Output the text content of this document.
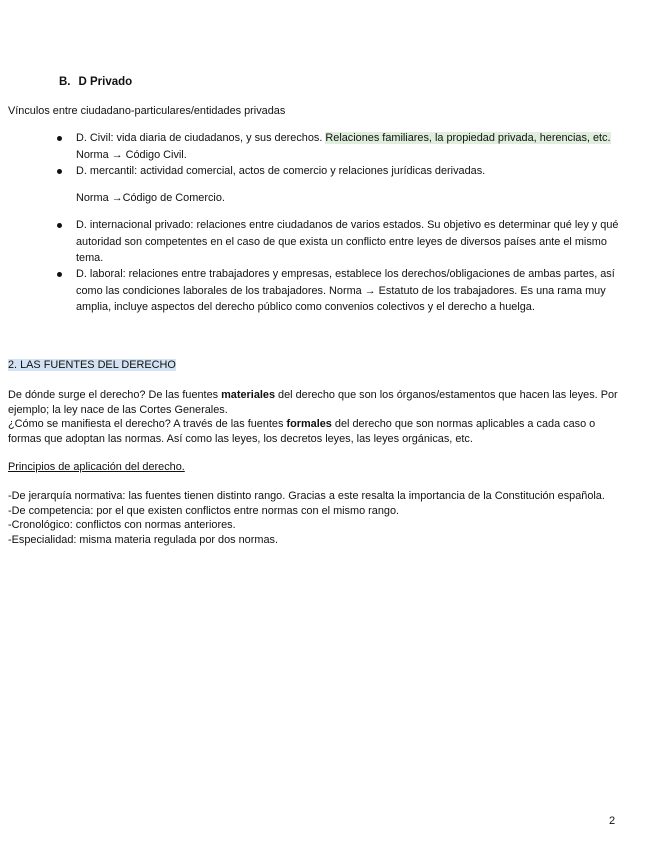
B. D Privado
Vínculos entre ciudadano-particulares/entidades privadas
D. Civil: vida diaria de ciudadanos, y sus derechos. Relaciones familiares, la propiedad privada, herencias, etc. Norma → Código Civil.
D. mercantil: actividad comercial, actos de comercio y relaciones jurídicas derivadas.
Norma →Código de Comercio.
D. internacional privado: relaciones entre ciudadanos de varios estados. Su objetivo es determinar qué ley y qué autoridad son competentes en el caso de que exista un conflicto entre leyes de diversos países ante el mismo tema.
D. laboral: relaciones entre trabajadores y empresas, establece los derechos/obligaciones de ambas partes, así como las condiciones laborales de los trabajadores. Norma → Estatuto de los trabajadores. Es una rama muy amplia, incluye aspectos del derecho público como convenios colectivos y el derecho a huelga.
2. LAS FUENTES DEL DERECHO
De dónde surge el derecho? De las fuentes materiales del derecho que son los órganos/estamentos que hacen las leyes. Por ejemplo; la ley nace de las Cortes Generales.
¿Cómo se manifiesta el derecho? A través de las fuentes formales del derecho que son normas aplicables a cada caso o formas que adoptan las normas. Así como las leyes, los decretos leyes, las leyes orgánicas, etc.
Principios de aplicación del derecho.
-De jerarquía normativa: las fuentes tienen distinto rango. Gracias a este resalta la importancia de la Constitución española.
-De competencia: por el que existen conflictos entre normas con el mismo rango.
-Cronológico: conflictos con normas anteriores.
-Especialidad: misma materia regulada por dos normas.
2
